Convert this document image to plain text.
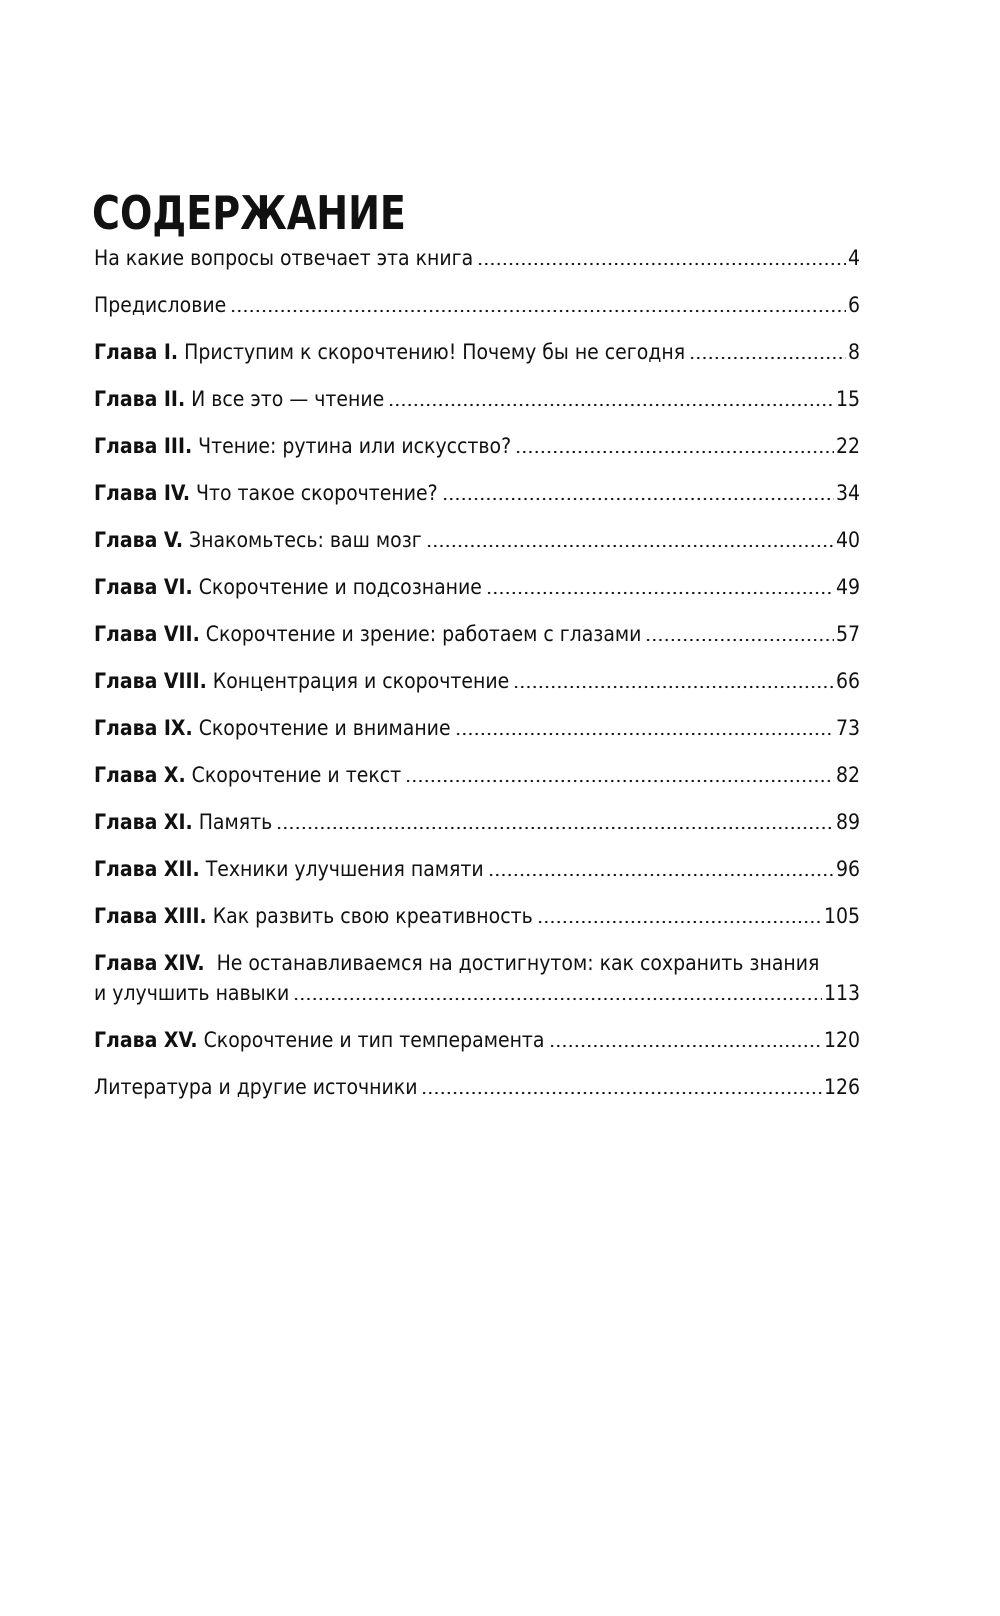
СОДЕРЖАНИЕ
На какие вопросы отвечает эта книга	4
Предисловие	6
Глава I. Приступим к скорочтению! Почему бы не сегодня	8
Глава II. И все это — чтение	15
Глава III. Чтение: рутина или искусство?	22
Глава IV. Что такое скорочтение?	34
Глава V. Знакомьтесь: ваш мозг	40
Глава VI. Скорочтение и подсознание	49
Глава VII. Скорочтение и зрение: работаем с глазами	57
Глава VIII. Концентрация и скорочтение	66
Глава IX. Скорочтение и внимание	73
Глава X. Скорочтение и текст	82
Глава XI. Память	89
Глава XII. Техники улучшения памяти	96
Глава XIII. Как развить свою креативность	105
Глава XIV. Не останавливаемся на достигнутом: как сохранить знания
и улучшить навыки	113
Глава XV. Скорочтение и тип темперамента	120
Литература и другие источники	126
